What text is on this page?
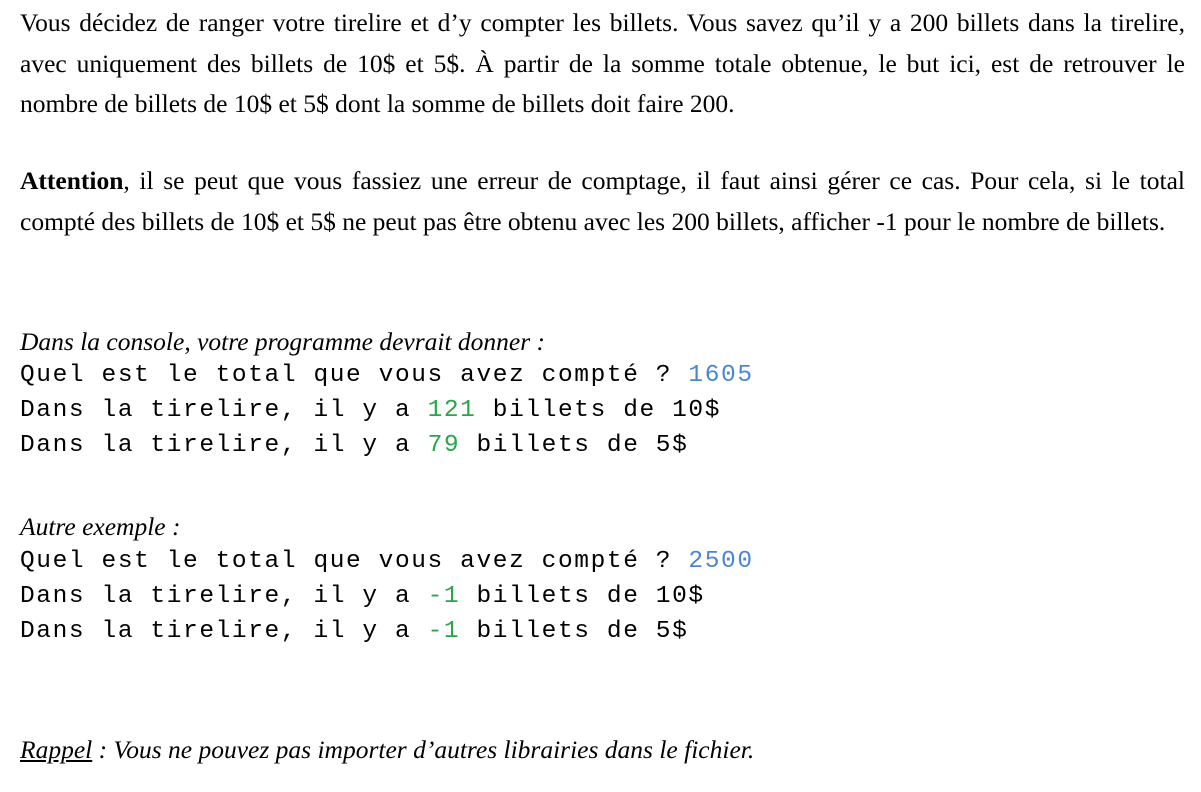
Vous décidez de ranger votre tirelire et d’y compter les billets. Vous savez qu’il y a 200 billets dans la tirelire, avec uniquement des billets de 10$ et 5$. À partir de la somme totale obtenue, le but ici, est de retrouver le nombre de billets de 10$ et 5$ dont la somme de billets doit faire 200.

Attention, il se peut que vous fassiez une erreur de comptage, il faut ainsi gérer ce cas. Pour cela, si le total compté des billets de 10$ et 5$ ne peut pas être obtenu avec les 200 billets, afficher -1 pour le nombre de billets.

Dans la console, votre programme devrait donner :
Quel est le total que vous avez compté ? 1605
Dans la tirelire, il y a 121 billets de 10$
Dans la tirelire, il y a 79 billets de 5$
Autre exemple :
Quel est le total que vous avez compté ? 2500
Dans la tirelire, il y a -1 billets de 10$
Dans la tirelire, il y a -1 billets de 5$
Rappel : Vous ne pouvez pas importer d’autres librairies dans le fichier.
